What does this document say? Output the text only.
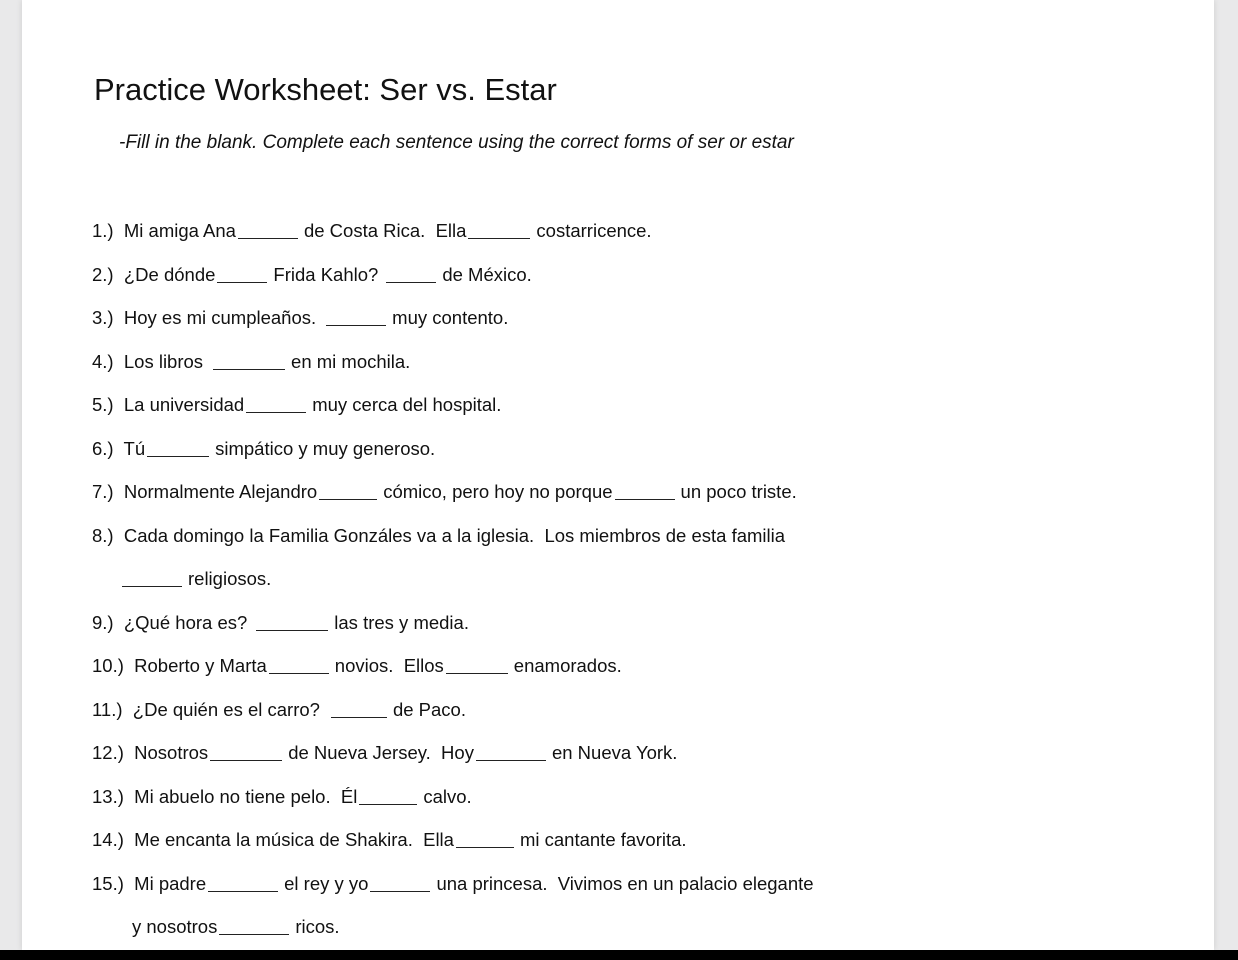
Practice Worksheet: Ser vs. Estar

-Fill in the blank. Complete each sentence using the correct forms of ser or estar

1.)  Mi amiga Ana	de Costa Rica.  Ella	costarricence.
2.)  ¿De dónde	Frida Kahlo?	de México.
3.)  Hoy es mi cumpleaños.	muy contento.
4.)  Los libros	en mi mochila.
5.)  La universidad	muy cerca del hospital.
6.)  Tú	simpático y muy generoso.
7.)  Normalmente Alejandro	cómico, pero hoy no porque	un poco triste.
8.)  Cada domingo la Familia Gonzáles va a la iglesia.  Los miembros de esta familia
religiosos.
9.)  ¿Qué hora es?	las tres y media.
10.)  Roberto y Marta	novios.  Ellos	enamorados.
11.)  ¿De quién es el carro?	de Paco.
12.)  Nosotros	de Nueva Jersey.  Hoy	en Nueva York.
13.)  Mi abuelo no tiene pelo.  Él	calvo.
14.)  Me encanta la música de Shakira.  Ella	mi cantante favorita.
15.)  Mi padre	el rey y yo	una princesa.  Vivimos en un palacio elegante
y nosotros	ricos.
